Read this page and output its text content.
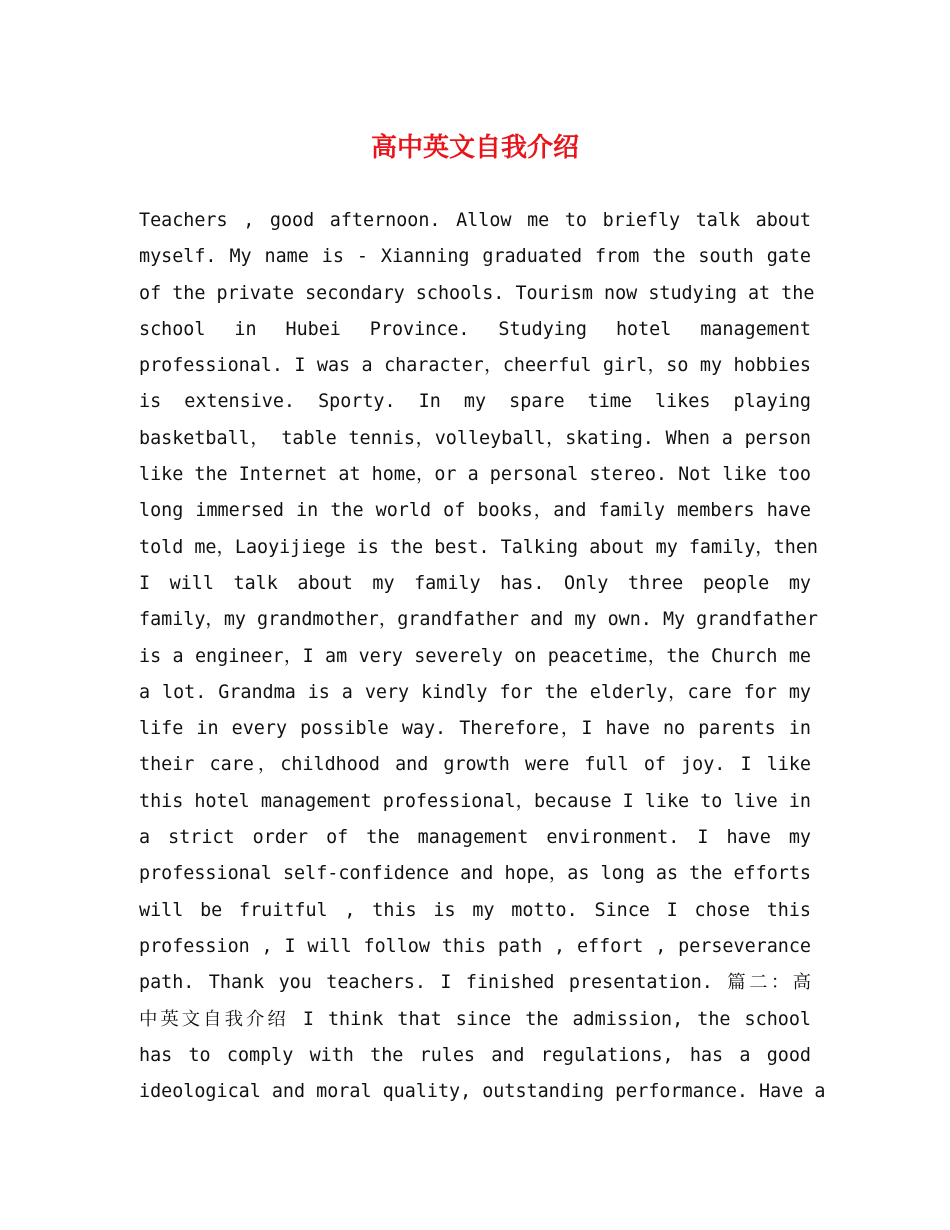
高中英文自我介绍
Teachers , good afternoon. Allow me to briefly talk about
myself. My name is - Xianning graduated from the south gate
of the private secondary schools. Tourism now studying at the
school in Hubei Province. Studying hotel management
professional. I was a character，cheerful girl，so my hobbies
is extensive. Sporty. In my spare time likes playing
basketball， table tennis，volleyball，skating. When a person
like the Internet at home，or a personal stereo. Not like too
long immersed in the world of books，and family members have
told me，Laoyijiege is the best. Talking about my family，then
I will talk about my family has. Only three people my
family，my grandmother，grandfather and my own. My grandfather
is a engineer，I am very severely on peacetime，the Church me
a lot. Grandma is a very kindly for the elderly，care for my
life in every possible way. Therefore，I have no parents in
their care，childhood and growth were full of joy. I like
this hotel management professional，because I like to live in
a strict order of the management environment. I have my
professional self-confidence and hope，as long as the efforts
will be fruitful , this is my motto. Since I chose this
profession , I will follow this path , effort , perseverance
path. Thank you teachers. I finished presentation. 篇二：高
中英文自我介绍 I think that since the admission, the school
has to comply with the rules and regulations, has a good
ideological and moral quality, outstanding performance. Have a
